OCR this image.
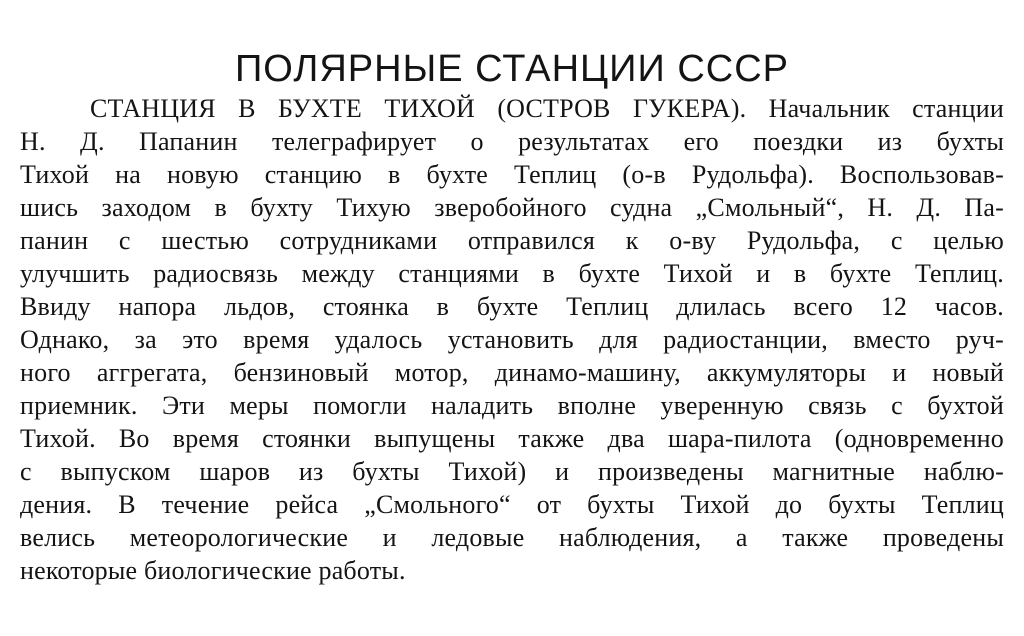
ПОЛЯРНЫЕ СТАНЦИИ СССР
СТАНЦИЯ В БУХТЕ ТИХОЙ (ОСТРОВ ГУКЕРА). Начальник станции
Н. Д. Папанин телеграфирует о результатах его поездки из бухты
Тихой на новую станцию в бухте Теплиц (о-в Рудольфа). Воспользовав-
шись заходом в бухту Тихую зверобойного судна „Смольный“, Н. Д. Па-
панин с шестью сотрудниками отправился к о-ву Рудольфа, с целью
улучшить радиосвязь между станциями в бухте Тихой и в бухте Теплиц.
Ввиду напора льдов, стоянка в бухте Теплиц длилась всего 12 часов.
Однако, за это время удалось установить для радиостанции, вместо руч-
ного аггрегата, бензиновый мотор, динамо-машину, аккумуляторы и новый
приемник. Эти меры помогли наладить вполне уверенную связь с бухтой
Тихой. Во время стоянки выпущены также два шара-пилота (одновременно
с выпуском шаров из бухты Тихой) и произведены магнитные наблю-
дения. В течение рейса „Смольного“ от бухты Тихой до бухты Теплиц
велись метеорологические и ледовые наблюдения, а также проведены
некоторые биологические работы.
